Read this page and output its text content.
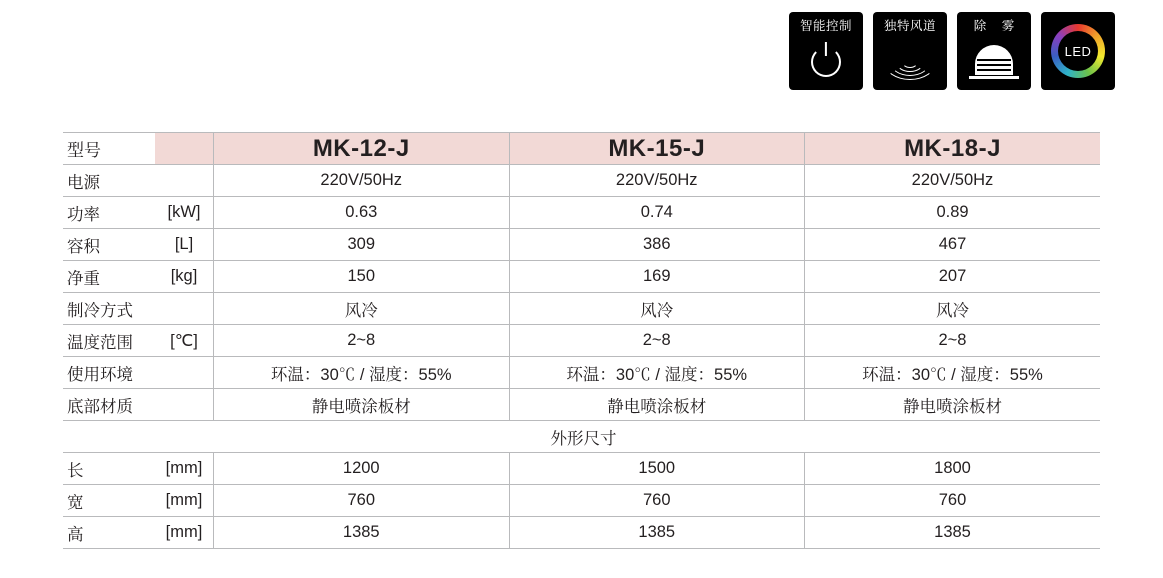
智能控制	独特风道	除 雾
LED
型号		MK-12-J	MK-15-J	MK-18-J
电源		220V/50Hz	220V/50Hz	220V/50Hz
功率	[kW]	0.63	0.74	0.89
容积	[L]	309	386	467
净重	[kg]	150	169	207
制冷方式		风冷	风冷	风冷
温度范围	[℃]	2~8	2~8	2~8
使用环境		环温：30℃ / 湿度：55%	环温：30℃ / 湿度：55%	环温：30℃ / 湿度：55%
底部材质		静电喷涂板材	静电喷涂板材	静电喷涂板材
外形尺寸				
长	[mm]	1200	1500	1800
宽	[mm]	760	760	760
高	[mm]	1385	1385	1385
